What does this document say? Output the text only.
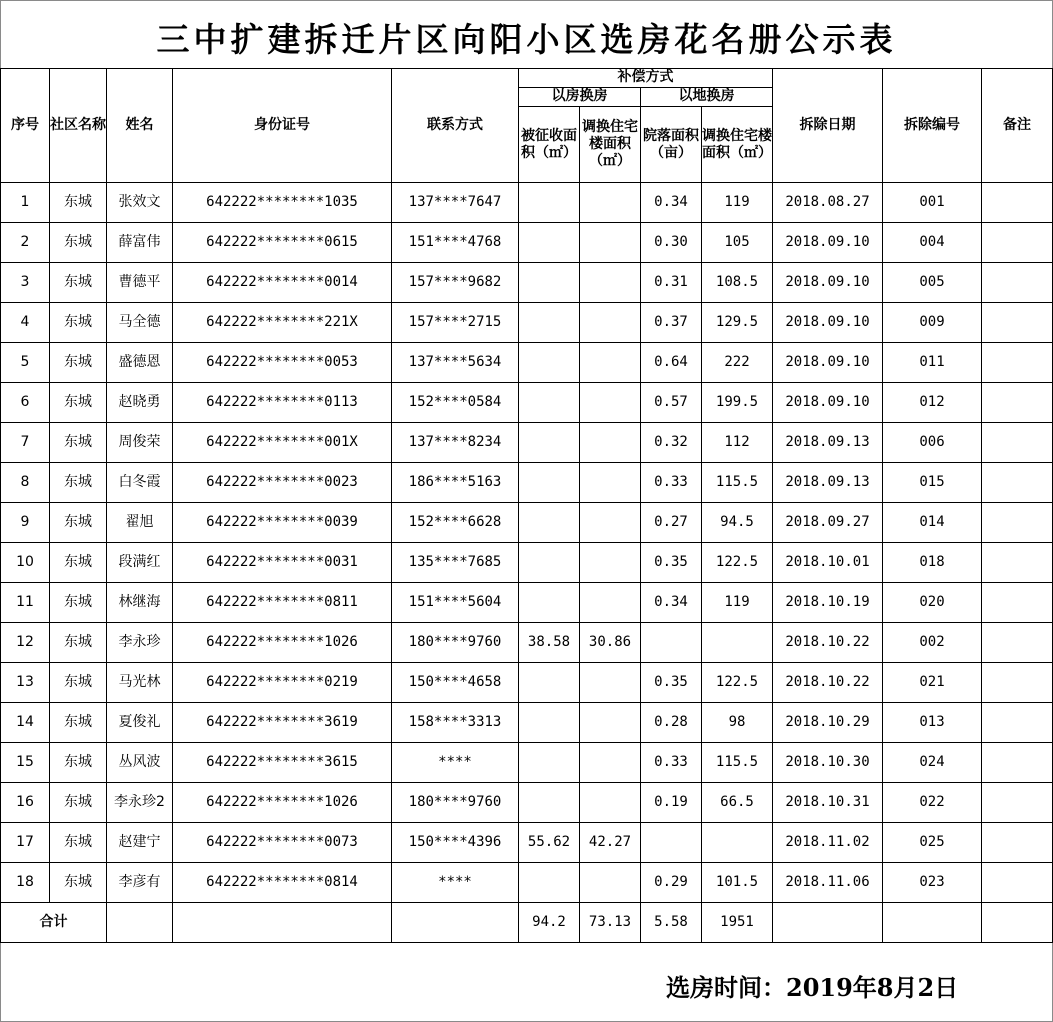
三中扩建拆迁片区向阳小区选房花名册公示表
序号	社区名称	姓名	身份证号	联系方式	补偿方式				拆除日期	拆除编号	备注
					以房换房		以地换房				
					被征收面积（㎡）	调换住宅楼面积（㎡）	院落面积（亩）	调换住宅楼面积（㎡）			
1	东城	张效文	642222********1035	137****7647			0.34	119	2018.08.27	001	
2	东城	薛富伟	642222********0615	151****4768			0.30	105	2018.09.10	004	
3	东城	曹德平	642222********0014	157****9682			0.31	108.5	2018.09.10	005	
4	东城	马全德	642222********221X	157****2715			0.37	129.5	2018.09.10	009	
5	东城	盛德恩	642222********0053	137****5634			0.64	222	2018.09.10	011	
6	东城	赵晓勇	642222********0113	152****0584			0.57	199.5	2018.09.10	012	
7	东城	周俊荣	642222********001X	137****8234			0.32	112	2018.09.13	006	
8	东城	白冬霞	642222********0023	186****5163			0.33	115.5	2018.09.13	015	
9	东城	翟旭	642222********0039	152****6628			0.27	94.5	2018.09.27	014	
10	东城	段满红	642222********0031	135****7685			0.35	122.5	2018.10.01	018	
11	东城	林继海	642222********0811	151****5604			0.34	119	2018.10.19	020	
12	东城	李永珍	642222********1026	180****9760	38.58	30.86			2018.10.22	002	
13	东城	马光林	642222********0219	150****4658			0.35	122.5	2018.10.22	021	
14	东城	夏俊礼	642222********3619	158****3313			0.28	98	2018.10.29	013	
15	东城	丛风波	642222********3615	****			0.33	115.5	2018.10.30	024	
16	东城	李永珍2	642222********1026	180****9760			0.19	66.5	2018.10.31	022	
17	东城	赵建宁	642222********0073	150****4396	55.62	42.27			2018.11.02	025	
18	东城	李彦有	642222********0814	****			0.29	101.5	2018.11.06	023	
合计					94.2	73.13	5.58	1951			
选房时间：2019年8月2日
